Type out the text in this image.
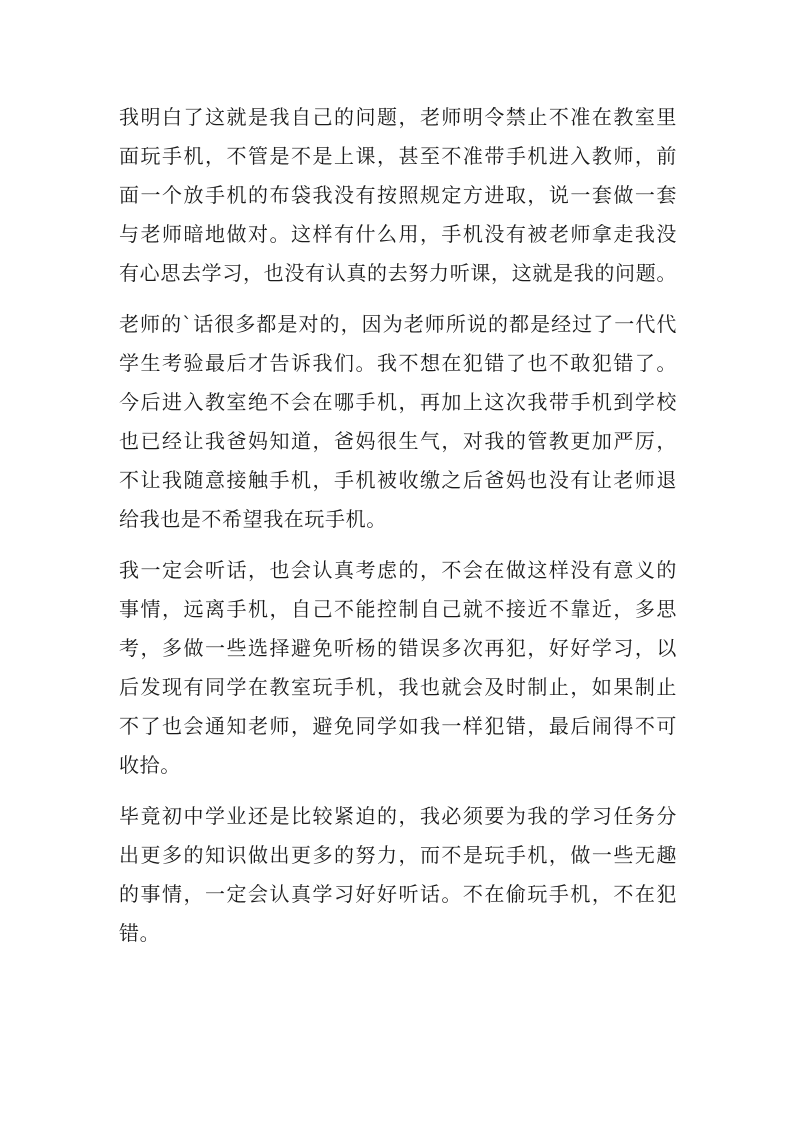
我明白了这就是我自己的问题，老师明令禁止不准在教室里
面玩手机，不管是不是上课，甚至不准带手机进入教师，前
面一个放手机的布袋我没有按照规定方进取，说一套做一套
与老师暗地做对。这样有什么用，手机没有被老师拿走我没
有心思去学习，也没有认真的去努力听课，这就是我的问题。

老师的`话很多都是对的，因为老师所说的都是经过了一代代
学生考验最后才告诉我们。我不想在犯错了也不敢犯错了。
今后进入教室绝不会在哪手机，再加上这次我带手机到学校
也已经让我爸妈知道，爸妈很生气，对我的管教更加严厉，
不让我随意接触手机，手机被收缴之后爸妈也没有让老师退
给我也是不希望我在玩手机。

我一定会听话，也会认真考虑的，不会在做这样没有意义的
事情，远离手机，自己不能控制自己就不接近不靠近，多思
考，多做一些选择避免听杨的错误多次再犯，好好学习，以
后发现有同学在教室玩手机，我也就会及时制止，如果制止
不了也会通知老师，避免同学如我一样犯错，最后闹得不可
收拾。

毕竟初中学业还是比较紧迫的，我必须要为我的学习任务分
出更多的知识做出更多的努力，而不是玩手机，做一些无趣
的事情，一定会认真学习好好听话。不在偷玩手机，不在犯
错。
